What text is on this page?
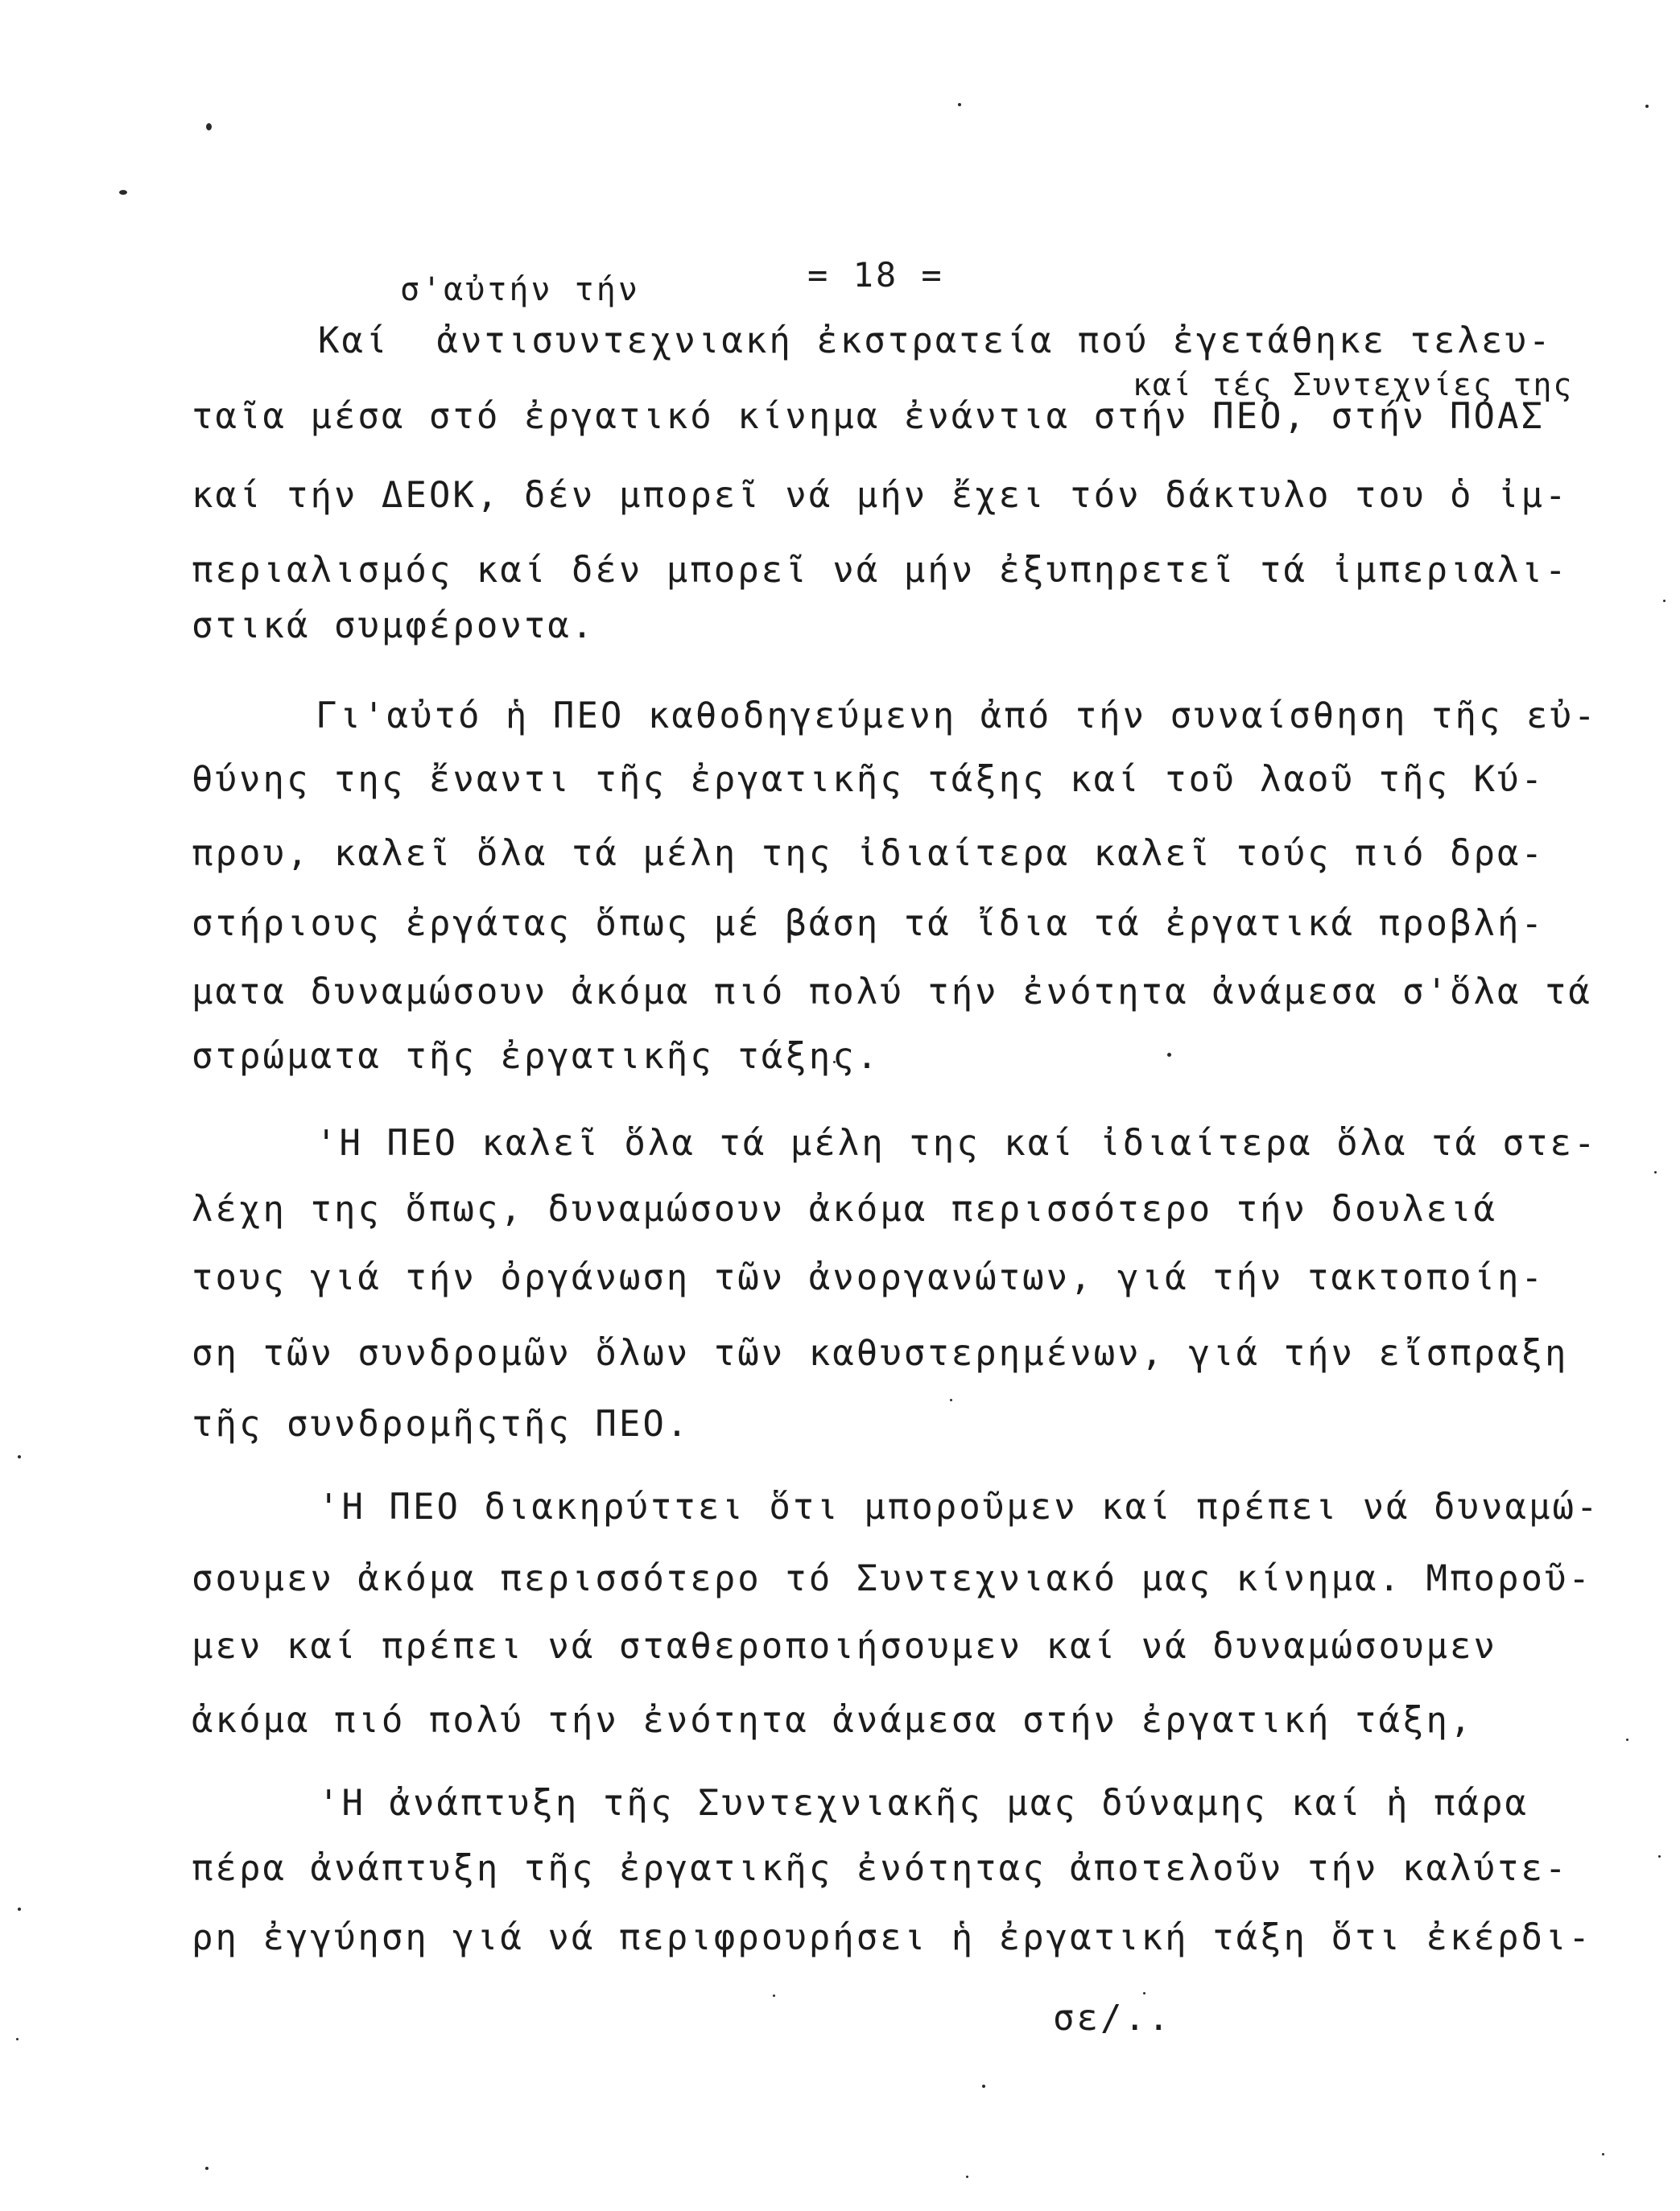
σ'αὐτήν τήν	= 18 =
καί τές Συντεχνίες της
Καί  ἀντισυντεχνιακή ἐκστρατεία πού ἐγετάθηκε τελευ-
ταῖα μέσα στό ἐργατικό κίνημα ἐνάντια στήν ΠΕΟ, στήν ΠΟΑΣ
καί τήν ΔΕΟΚ, δέν μπορεῖ νά μήν ἔχει τόν δάκτυλο του ὁ ἰμ-
περιαλισμός καί δέν μπορεῖ νά μήν ἐξυπηρετεῖ τά ἰμπεριαλι-
στικά συμφέροντα.
Γι'αὐτό ἡ ΠΕΟ καθοδηγεύμενη ἀπό τήν συναίσθηση τῆς εὐ-
θύνης της ἔναντι τῆς ἐργατικῆς τάξης καί τοῦ λαοῦ τῆς Κύ-
πρου, καλεῖ ὅλα τά μέλη της ἰδιαίτερα καλεῖ τούς πιό δρα-
στήριους ἐργάτας ὅπως μέ βάση τά ἴδια τά ἐργατικά προβλή-
ματα δυναμώσουν ἀκόμα πιό πολύ τήν ἐνότητα ἀνάμεσα σ'ὅλα τά
στρώματα τῆς ἐργατικῆς τάξης.
'Η ΠΕΟ καλεῖ ὅλα τά μέλη της καί ἰδιαίτερα ὅλα τά στε-
λέχη της ὅπως, δυναμώσουν ἀκόμα περισσότερο τήν δουλειά
τους γιά τήν ὀργάνωση τῶν ἀνοργανώτων, γιά τήν τακτοποίη-
ση τῶν συνδρομῶν ὅλων τῶν καθυστερημένων, γιά τήν εἴσπραξη
τῆς συνδρομῆςτῆς ΠΕΟ.
'Η ΠΕΟ διακηρύττει ὅτι μποροῦμεν καί πρέπει νά δυναμώ-
σουμεν ἀκόμα περισσότερο τό Συντεχνιακό μας κίνημα. Μποροῦ-
μεν καί πρέπει νά σταθεροποιήσουμεν καί νά δυναμώσουμεν
ἀκόμα πιό πολύ τήν ἐνότητα ἀνάμεσα στήν ἐργατική τάξη,
'Η ἀνάπτυξη τῆς Συντεχνιακῆς μας δύναμης καί ἡ πάρα
πέρα ἀνάπτυξη τῆς ἐργατικῆς ἐνότητας ἀποτελοῦν τήν καλύτε-
ρη ἐγγύηση γιά νά περιφρουρήσει ἡ ἐργατική τάξη ὅτι ἐκέρδι-
σε/..
